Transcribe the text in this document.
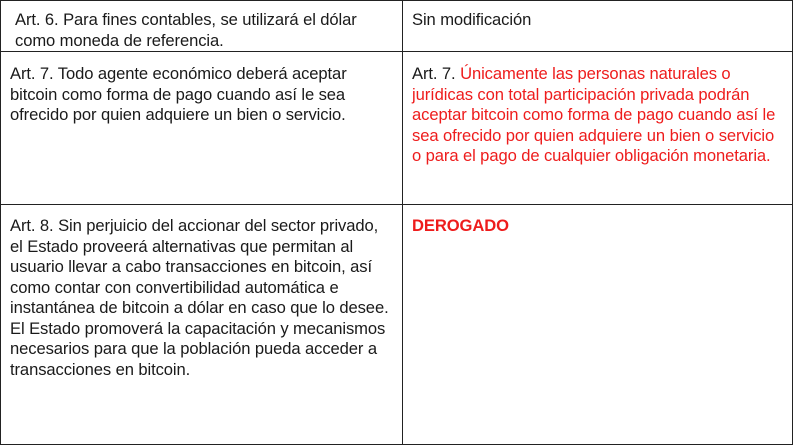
Art. 6. Para fines contables, se utilizará el dólar como moneda de referencia.	Sin modificación
Art. 7. Todo agente económico deberá aceptar bitcoin como forma de pago cuando así le sea ofrecido por quien adquiere un bien o servicio.	Art. 7. Únicamente las personas naturales o jurídicas con total participación privada podrán aceptar bitcoin como forma de pago cuando así le sea ofrecido por quien adquiere un bien o servicio o para el pago de cualquier obligación monetaria.
Art. 8. Sin perjuicio del accionar del sector privado, el Estado proveerá alternativas que permitan al usuario llevar a cabo transacciones en bitcoin, así como contar con convertibilidad automática e instantánea de bitcoin a dólar en caso que lo desee. El Estado promoverá la capacitación y mecanismos necesarios para que la población pueda acceder a transacciones en bitcoin.	DEROGADO
